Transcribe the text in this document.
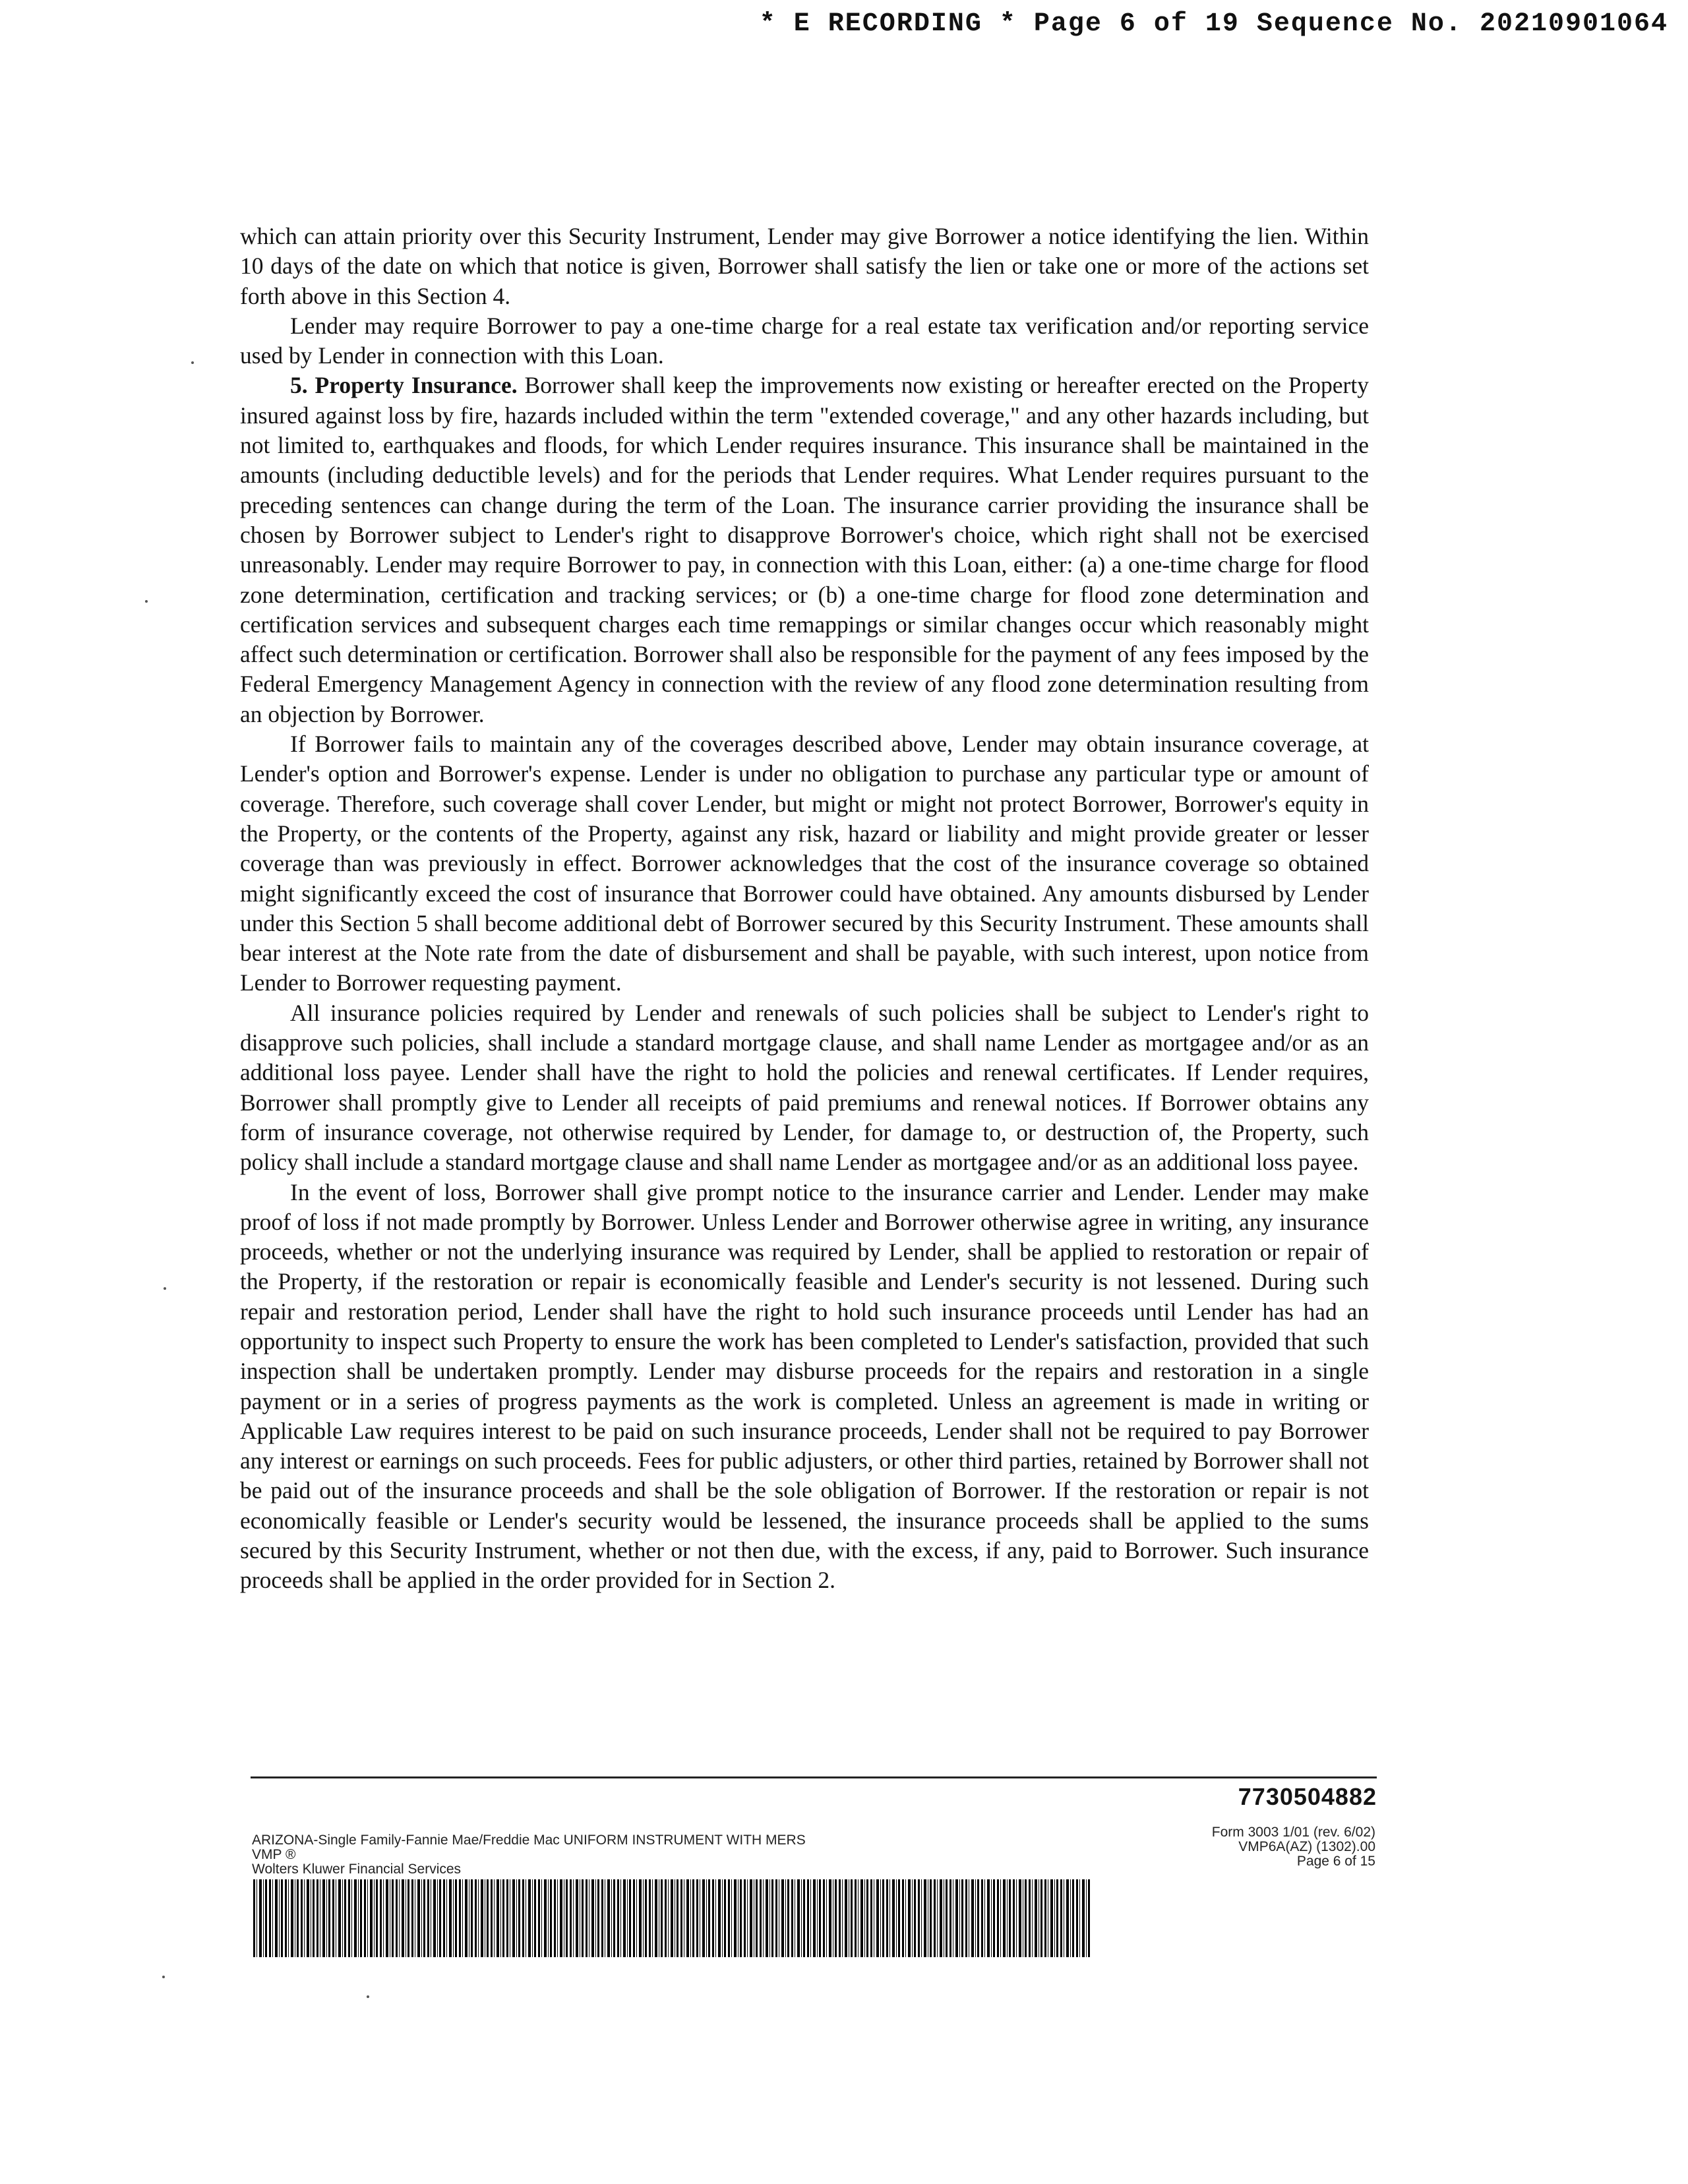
* E RECORDING * Page 6 of 19 Sequence No. 20210901064

which can attain priority over this Security Instrument, Lender may give Borrower a notice identifying the lien. Within 10 days of the date on which that notice is given, Borrower shall satisfy the lien or take one or more of the actions set forth above in this Section 4.

Lender may require Borrower to pay a one-time charge for a real estate tax verification and/or reporting service used by Lender in connection with this Loan.

5. Property Insurance. Borrower shall keep the improvements now existing or hereafter erected on the Property insured against loss by fire, hazards included within the term "extended coverage," and any other hazards including, but not limited to, earthquakes and floods, for which Lender requires insurance. This insurance shall be maintained in the amounts (including deductible levels) and for the periods that Lender requires. What Lender requires pursuant to the preceding sentences can change during the term of the Loan. The insurance carrier providing the insurance shall be chosen by Borrower subject to Lender's right to disapprove Borrower's choice, which right shall not be exercised unreasonably. Lender may require Borrower to pay, in connection with this Loan, either: (a) a one-time charge for flood zone determination, certification and tracking services; or (b) a one-time charge for flood zone determination and certification services and subsequent charges each time remappings or similar changes occur which reasonably might affect such determination or certification. Borrower shall also be responsible for the payment of any fees imposed by the Federal Emergency Management Agency in connection with the review of any flood zone determination resulting from an objection by Borrower.

If Borrower fails to maintain any of the coverages described above, Lender may obtain insurance coverage, at Lender's option and Borrower's expense. Lender is under no obligation to purchase any particular type or amount of coverage. Therefore, such coverage shall cover Lender, but might or might not protect Borrower, Borrower's equity in the Property, or the contents of the Property, against any risk, hazard or liability and might provide greater or lesser coverage than was previously in effect. Borrower acknowledges that the cost of the insurance coverage so obtained might significantly exceed the cost of insurance that Borrower could have obtained. Any amounts disbursed by Lender under this Section 5 shall become additional debt of Borrower secured by this Security Instrument. These amounts shall bear interest at the Note rate from the date of disbursement and shall be payable, with such interest, upon notice from Lender to Borrower requesting payment.

All insurance policies required by Lender and renewals of such policies shall be subject to Lender's right to disapprove such policies, shall include a standard mortgage clause, and shall name Lender as mortgagee and/or as an additional loss payee. Lender shall have the right to hold the policies and renewal certificates. If Lender requires, Borrower shall promptly give to Lender all receipts of paid premiums and renewal notices. If Borrower obtains any form of insurance coverage, not otherwise required by Lender, for damage to, or destruction of, the Property, such policy shall include a standard mortgage clause and shall name Lender as mortgagee and/or as an additional loss payee.

In the event of loss, Borrower shall give prompt notice to the insurance carrier and Lender. Lender may make proof of loss if not made promptly by Borrower. Unless Lender and Borrower otherwise agree in writing, any insurance proceeds, whether or not the underlying insurance was required by Lender, shall be applied to restoration or repair of the Property, if the restoration or repair is economically feasible and Lender's security is not lessened. During such repair and restoration period, Lender shall have the right to hold such insurance proceeds until Lender has had an opportunity to inspect such Property to ensure the work has been completed to Lender's satisfaction, provided that such inspection shall be undertaken promptly. Lender may disburse proceeds for the repairs and restoration in a single payment or in a series of progress payments as the work is completed. Unless an agreement is made in writing or Applicable Law requires interest to be paid on such insurance proceeds, Lender shall not be required to pay Borrower any interest or earnings on such proceeds. Fees for public adjusters, or other third parties, retained by Borrower shall not be paid out of the insurance proceeds and shall be the sole obligation of Borrower. If the restoration or repair is not economically feasible or Lender's security would be lessened, the insurance proceeds shall be applied to the sums secured by this Security Instrument, whether or not then due, with the excess, if any, paid to Borrower. Such insurance proceeds shall be applied in the order provided for in Section 2.

7730504882
ARIZONA-Single Family-Fannie Mae/Freddie Mac UNIFORM INSTRUMENT WITH MERS
VMP ®
Wolters Kluwer Financial Services
Form 3003 1/01 (rev. 6/02)
VMP6A(AZ) (1302).00
Page 6 of 15
